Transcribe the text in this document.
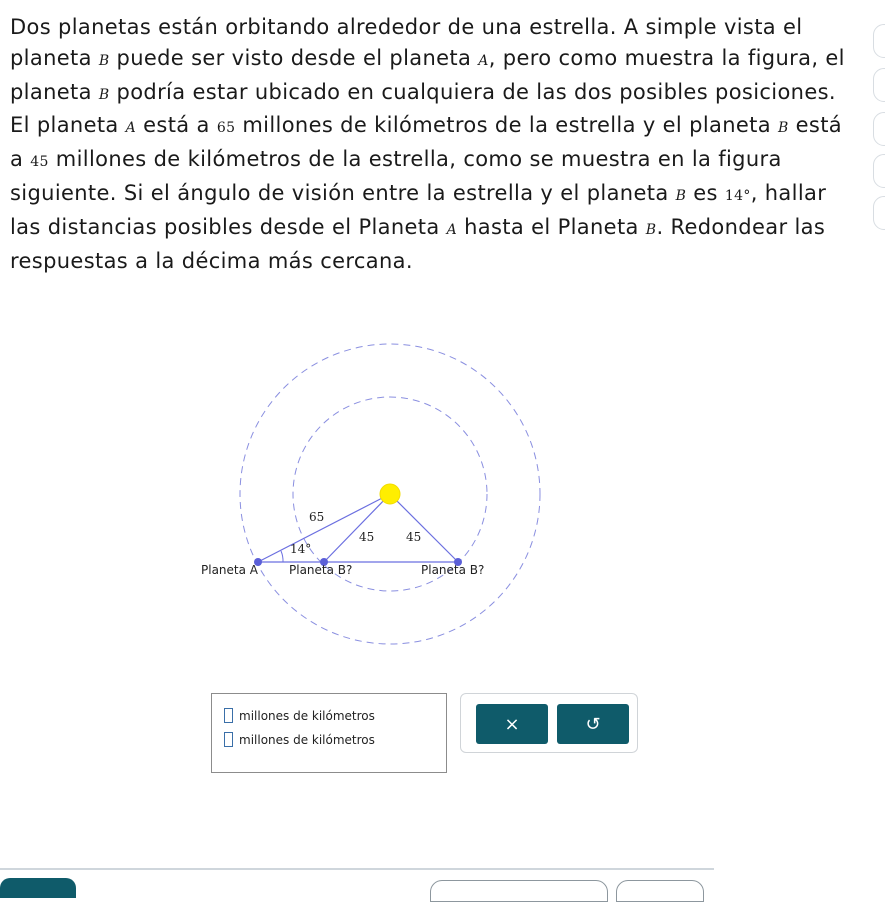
Dos planetas están orbitando alrededor de una estrella. A simple vista el planeta B puede ser visto desde el planeta A, pero como muestra la figura, el planeta B podría estar ubicado en cualquiera de las dos posibles posiciones. El planeta A está a 65 millones de kilómetros de la estrella y el planeta B está a 45 millones de kilómetros de la estrella, como se muestra en la figura siguiente. Si el ángulo de visión entre la estrella y el planeta B es 14°, hallar las distancias posibles desde el Planeta A hasta el Planeta B. Redondear las respuestas a la décima más cercana.
65
45	45
14°
Planeta A	Planeta B?	Planeta B?
millones de kilómetros
millones de kilómetros
×	↺
